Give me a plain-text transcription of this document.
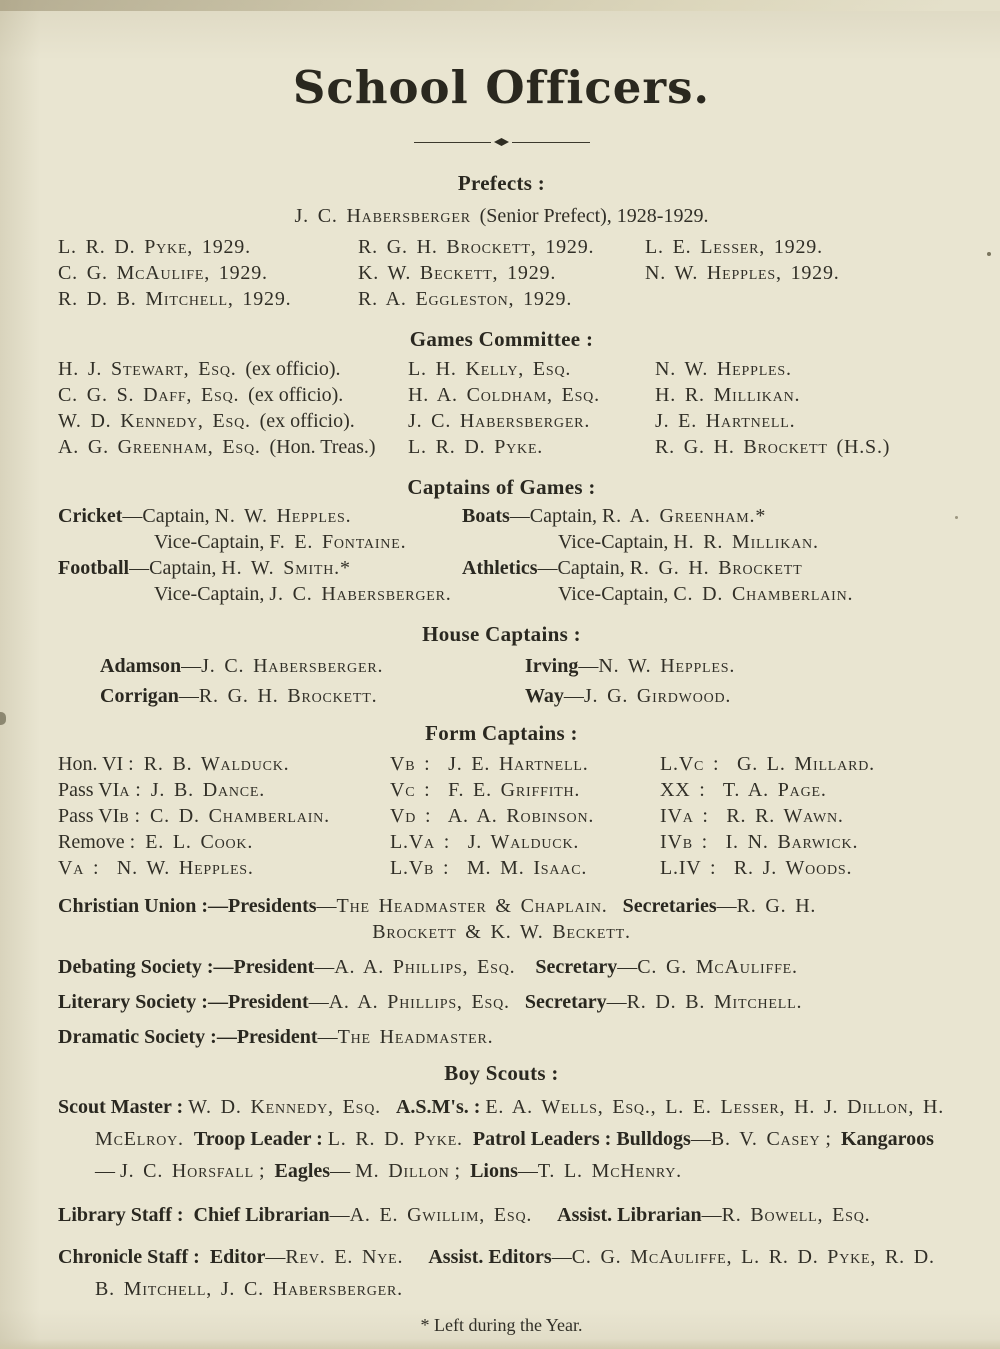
School Officers.
Prefects :
J. C. Habersberger (Senior Prefect), 1928-1929.
L. R. D. Pyke, 1929.
C. G. McAulife, 1929.
R. D. B. Mitchell, 1929.
R. G. H. Brockett, 1929.
K. W. Beckett, 1929.
R. A. Eggleston, 1929.
L. E. Lesser, 1929.
N. W. Hepples, 1929.
Games Committee :
H. J. Stewart, Esq. (ex officio).
C. G. S. Daff, Esq. (ex officio).
W. D. Kennedy, Esq. (ex officio).
A. G. Greenham, Esq. (Hon. Treas.)
L. H. Kelly, Esq.
H. A. Coldham, Esq.
J. C. Habersberger.
L. R. D. Pyke.
N. W. Hepples.
H. R. Millikan.
J. E. Hartnell.
R. G. H. Brockett (H.S.)
Captains of Games :
Cricket—Captain, N. W. Hepples.
Vice-Captain, F. E. Fontaine.
Football—Captain, H. W. Smith.*
Vice-Captain, J. C. Habersberger.
Boats—Captain, R. A. Greenham.*
Vice-Captain, H. R. Millikan.
Athletics—Captain, R. G. H. Brockett
Vice-Captain, C. D. Chamberlain.
House Captains :
Adamson—J. C. Habersberger.
Corrigan—R. G. H. Brockett.
Irving—N. W. Hepples.
Way—J. G. Girdwood.
Form Captains :
Hon. VI :  R. B. Walduck.
Pass VIa :  J. B. Dance.
Pass VIb :  C. D. Chamberlain.
Remove :  E. L. Cook.
Va :  N. W. Hepples.
Vb :  J. E. Hartnell.
Vc :  F. E. Griffith.
Vd :  A. A. Robinson.
L.Va :  J. Walduck.
L.Vb :  M. M. Isaac.
L.Vc :  G. L. Millard.
XX :  T. A. Page.
IVa :  R. R. Wawn.
IVb :  I. N. Barwick.
L.IV :  R. J. Woods.
Christian Union :—Presidents—The Headmaster & Chaplain. Secretaries—R. G. H.
Brockett & K. W. Beckett.
Debating Society :—President—A. A. Phillips, Esq. Secretary—C. G. McAuliffe.
Literary Society :—President—A. A. Phillips, Esq. Secretary—R. D. B. Mitchell.
Dramatic Society :—President—The Headmaster.
Boy Scouts :
Scout Master : W. D. Kennedy, Esq. A.S.M's. : E. A. Wells, Esq., L. E. Lesser, H. J. Dillon, H. McElroy. Troop Leader : L. R. D. Pyke. Patrol Leaders : Bulldogs—B. V. Casey ;  Kangaroos— J. C. Horsfall ;  Eagles— M. Dillon ;  Lions—T. L. McHenry.
Library Staff :  Chief Librarian—A. E. Gwillim, Esq. Assist. Librarian—R. Bowell, Esq.
Chronicle Staff :  Editor—Rev. E. Nye. Assist. Editors—C. G. McAuliffe, L. R. D. Pyke, R. D. B. Mitchell, J. C. Habersberger.
* Left during the Year.
